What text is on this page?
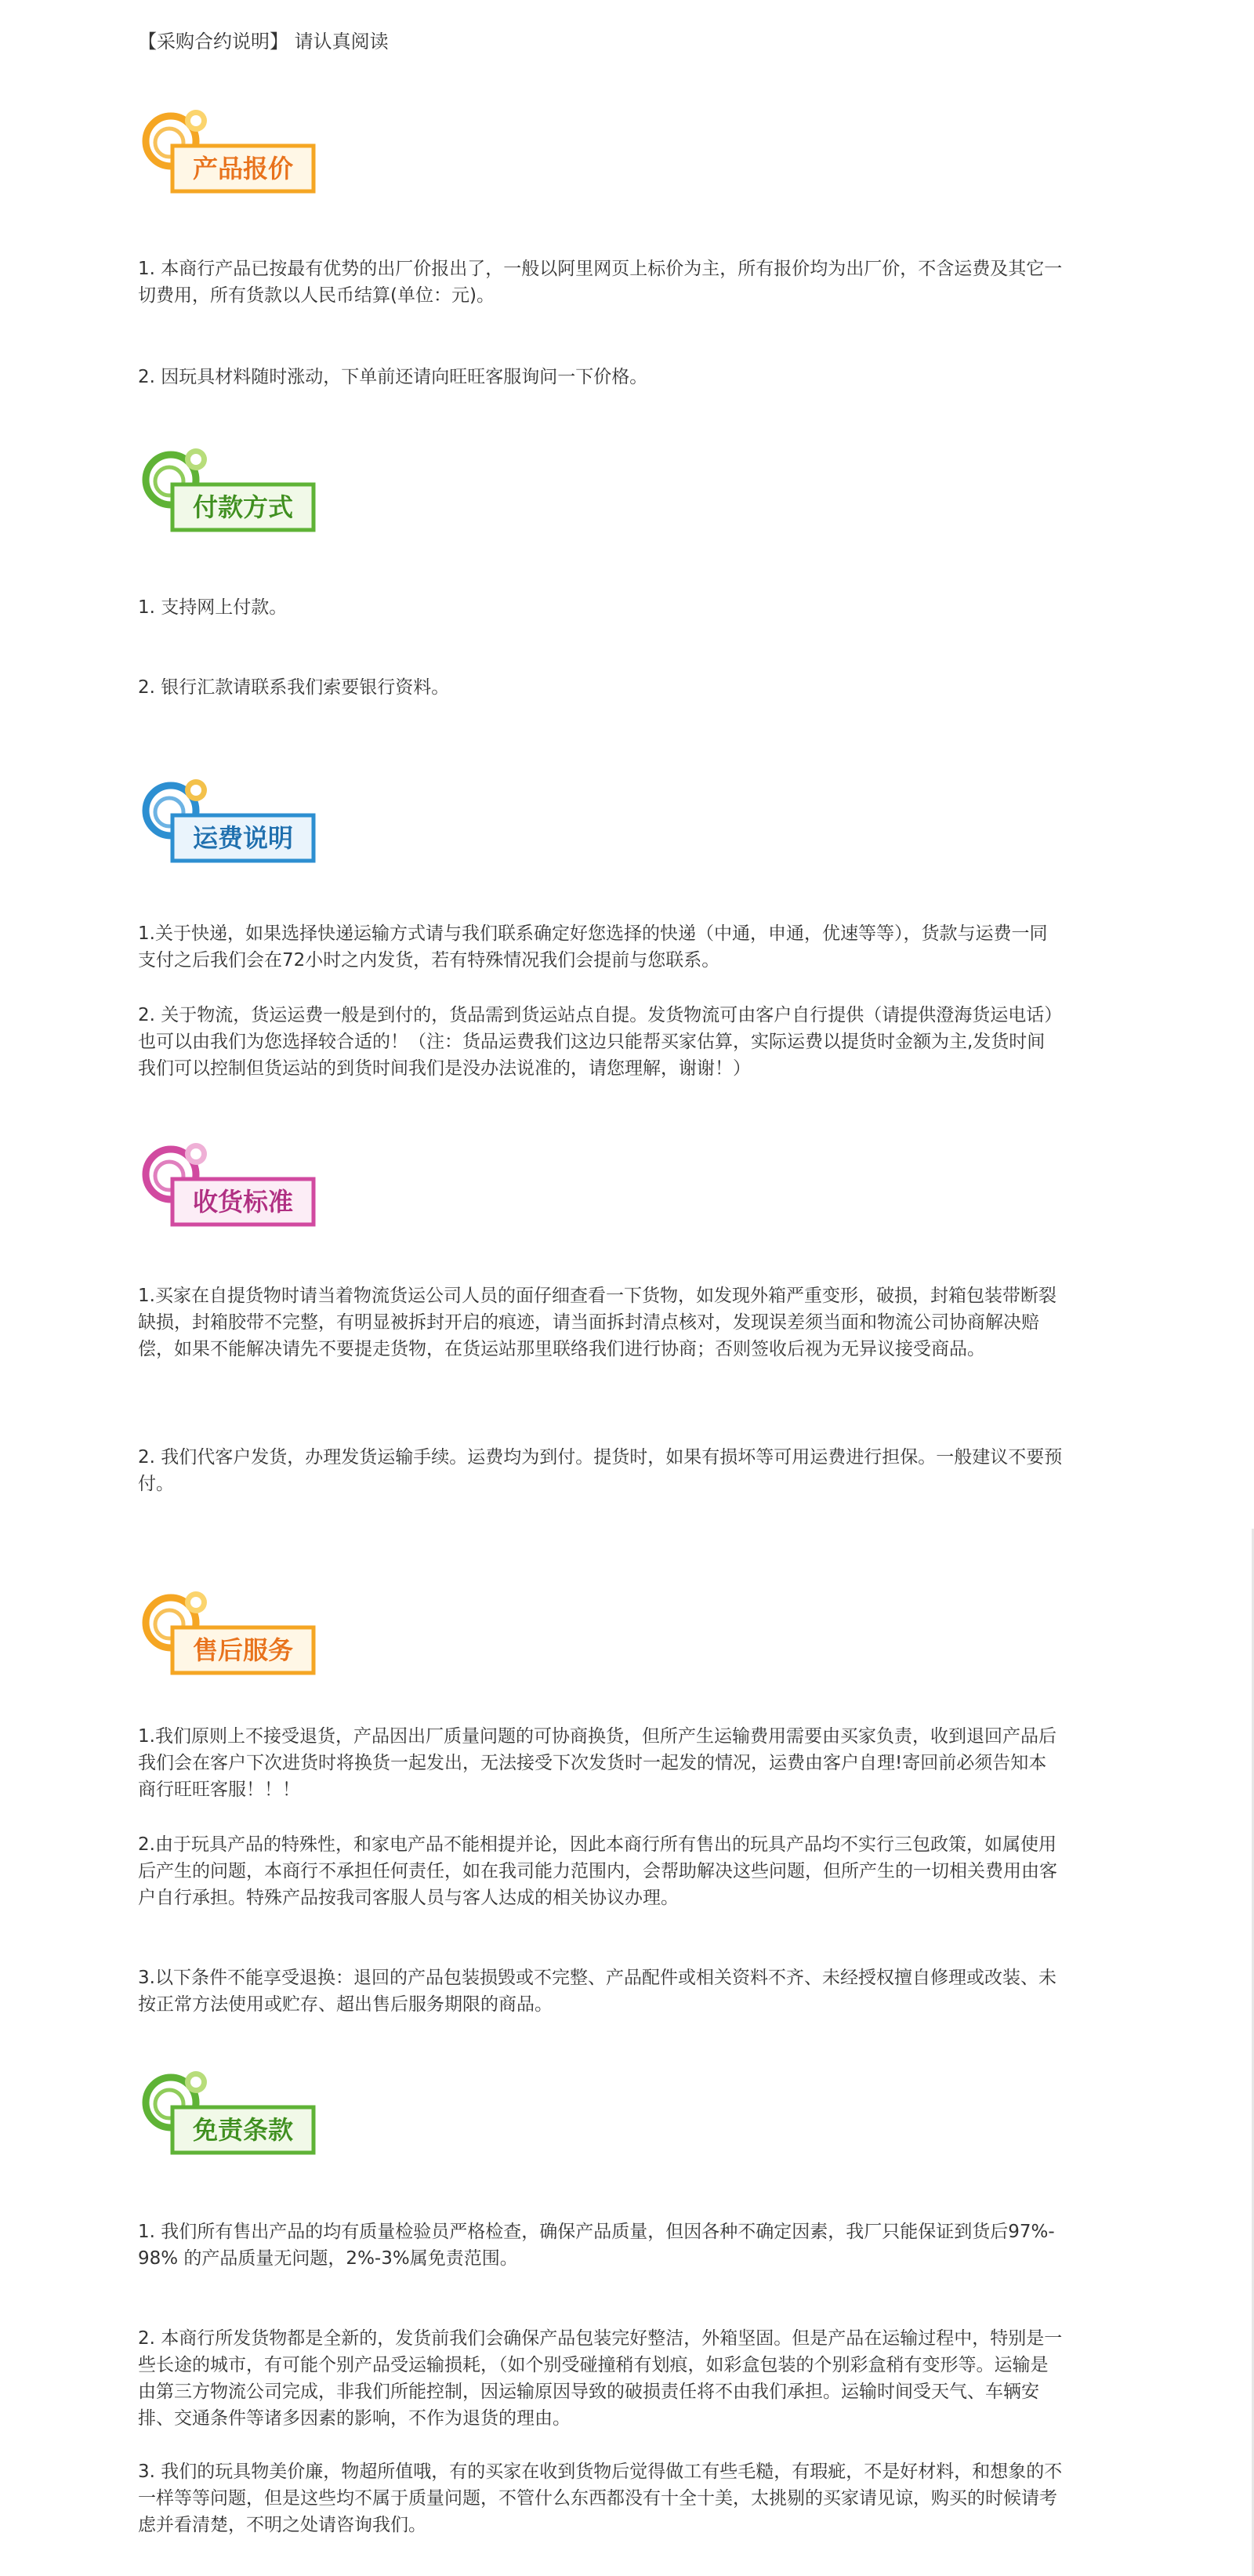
【采购合约说明】 请认真阅读
产品报价
1. 本商行产品已按最有优势的出厂价报出了，一般以阿里网页上标价为主，所有报价均为出厂价，不含运费及其它一切费用，所有货款以人民币结算(单位：元)。
2. 因玩具材料随时涨动，下单前还请向旺旺客服询问一下价格。
付款方式
1. 支持网上付款。
2. 银行汇款请联系我们索要银行资料。
运费说明
1.关于快递，如果选择快递运输方式请与我们联系确定好您选择的快递（中通，申通，优速等等），货款与运费一同支付之后我们会在72小时之内发货，若有特殊情况我们会提前与您联系。
2. 关于物流，货运运费一般是到付的，货品需到货运站点自提。发货物流可由客户自行提供（请提供澄海货运电话）也可以由我们为您选择较合适的！（注：货品运费我们这边只能帮买家估算，实际运费以提货时金额为主,发货时间我们可以控制但货运站的到货时间我们是没办法说准的，请您理解，谢谢！）
收货标准
1.买家在自提货物时请当着物流货运公司人员的面仔细查看一下货物，如发现外箱严重变形，破损，封箱包装带断裂缺损，封箱胶带不完整，有明显被拆封开启的痕迹，请当面拆封清点核对，发现误差须当面和物流公司协商解决赔偿，如果不能解决请先不要提走货物，在货运站那里联络我们进行协商；否则签收后视为无异议接受商品。
2. 我们代客户发货，办理发货运输手续。运费均为到付。提货时，如果有损坏等可用运费进行担保。一般建议不要预付。
售后服务
1.我们原则上不接受退货，产品因出厂质量问题的可协商换货，但所产生运输费用需要由买家负责，收到退回产品后我们会在客户下次进货时将换货一起发出，无法接受下次发货时一起发的情况，运费由客户自理!寄回前必须告知本商行旺旺客服！！！
2.由于玩具产品的特殊性，和家电产品不能相提并论，因此本商行所有售出的玩具产品均不实行三包政策，如属使用后产生的问题，本商行不承担任何责任，如在我司能力范围内，会帮助解决这些问题，但所产生的一切相关费用由客户自行承担。特殊产品按我司客服人员与客人达成的相关协议办理。
3.以下条件不能享受退换：退回的产品包装损毁或不完整、产品配件或相关资料不齐、未经授权擅自修理或改装、未按正常方法使用或贮存、超出售后服务期限的商品。
免责条款
1. 我们所有售出产品的均有质量检验员严格检查，确保产品质量，但因各种不确定因素，我厂只能保证到货后97%-98% 的产品质量无问题，2%-3%属免责范围。
2. 本商行所发货物都是全新的，发货前我们会确保产品包装完好整洁，外箱坚固。但是产品在运输过程中，特别是一些长途的城市，有可能个别产品受运输损耗，（如个别受碰撞稍有划痕，如彩盒包装的个别彩盒稍有变形等。运输是由第三方物流公司完成，非我们所能控制，因运输原因导致的破损责任将不由我们承担。运输时间受天气、车辆安排、交通条件等诸多因素的影响，不作为退货的理由。
3. 我们的玩具物美价廉，物超所值哦，有的买家在收到货物后觉得做工有些毛糙，有瑕疵，不是好材料，和想象的不一样等等问题，但是这些均不属于质量问题，不管什么东西都没有十全十美，太挑剔的买家请见谅，购买的时候请考虑并看清楚，不明之处请咨询我们。
